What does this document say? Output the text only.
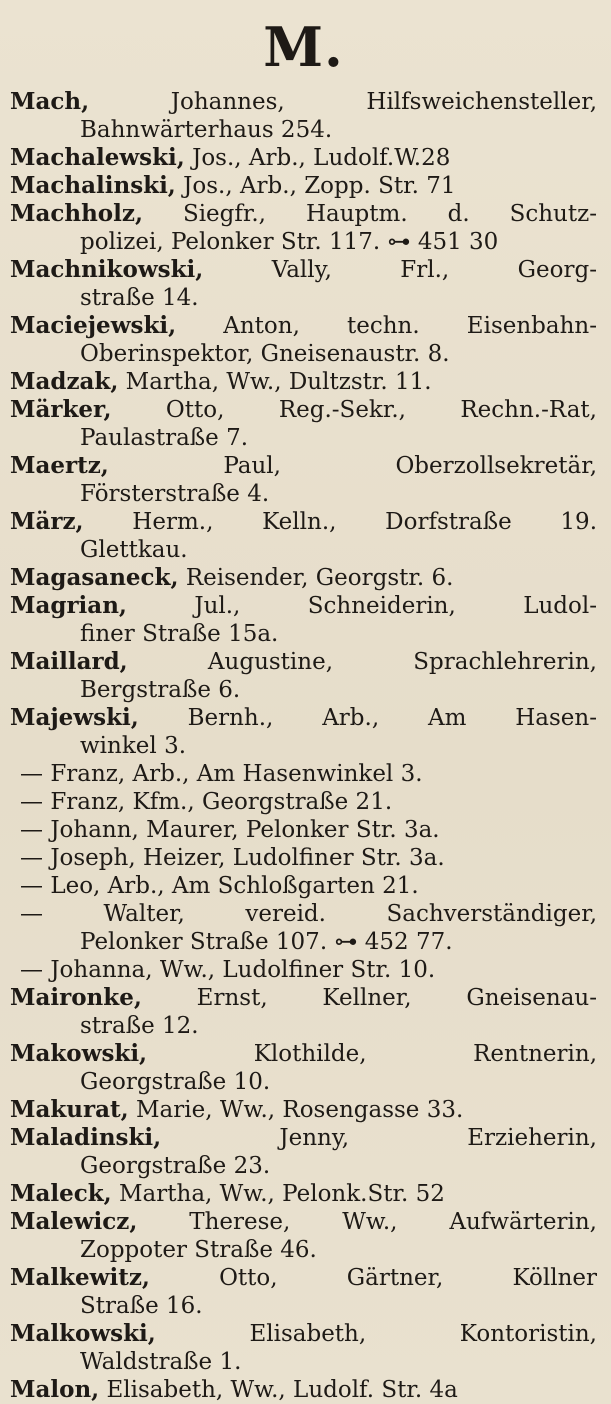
M.
Mach,	Johannes, Hilfsweichensteller,
Bahnwärterhaus 254.
Machalewski, Jos., Arb., Ludolf.W.28
Machalinski, Jos., Arb., Zopp. Str. 71
Machholz, Siegfr., Hauptm. d. Schutz-
polizei, Pelonker Str. 117. ⊶ 451 30
Machnikowski,	Vally, Frl., Georg-
straße 14.
Maciejewski, Anton, techn. Eisenbahn-
Oberinspektor, Gneisenaustr. 8.
Madzak, Martha, Ww., Dultzstr. 11.
Märker, Otto, Reg.-Sekr., Rechn.-Rat,
Paulastraße 7.
Maertz,	Paul, Oberzollsekretär,
Försterstraße 4.
März, Herm., Kelln., Dorfstraße 19.
Glettkau.
Magasaneck, Reisender, Georgstr. 6.
Magrian,	Jul., Schneiderin, Ludol-
finer Straße 15a.
Maillard,	Augustine, Sprachlehrerin,
Bergstraße 6.
Majewski, Bernh., Arb., Am Hasen-
winkel 3.
— Franz, Arb., Am Hasenwinkel 3.
— Franz, Kfm., Georgstraße 21.
— Johann, Maurer, Pelonker Str. 3a.
— Joseph, Heizer, Ludolfiner Str. 3a.
— Leo, Arb., Am Schloßgarten 21.
—	Walter, vereid. Sachverständiger,
Pelonker Straße 107. ⊶ 452 77.
— Johanna, Ww., Ludolfiner Str. 10.
Maironke, Ernst, Kellner, Gneisenau-
straße 12.
Makowski,	Klothilde, Rentnerin,
Georgstraße 10.
Makurat, Marie, Ww., Rosengasse 33.
Maladinski,	Jenny, Erzieherin,
Georgstraße 23.
Maleck, Martha, Ww., Pelonk.Str. 52
Malewicz, Therese, Ww., Aufwärterin,
Zoppoter Straße 46.
Malkewitz,	Otto, Gärtner, Köllner
Straße 16.
Malkowski,	Elisabeth, Kontoristin,
Waldstraße 1.
Malon, Elisabeth, Ww., Ludolf. Str. 4a
